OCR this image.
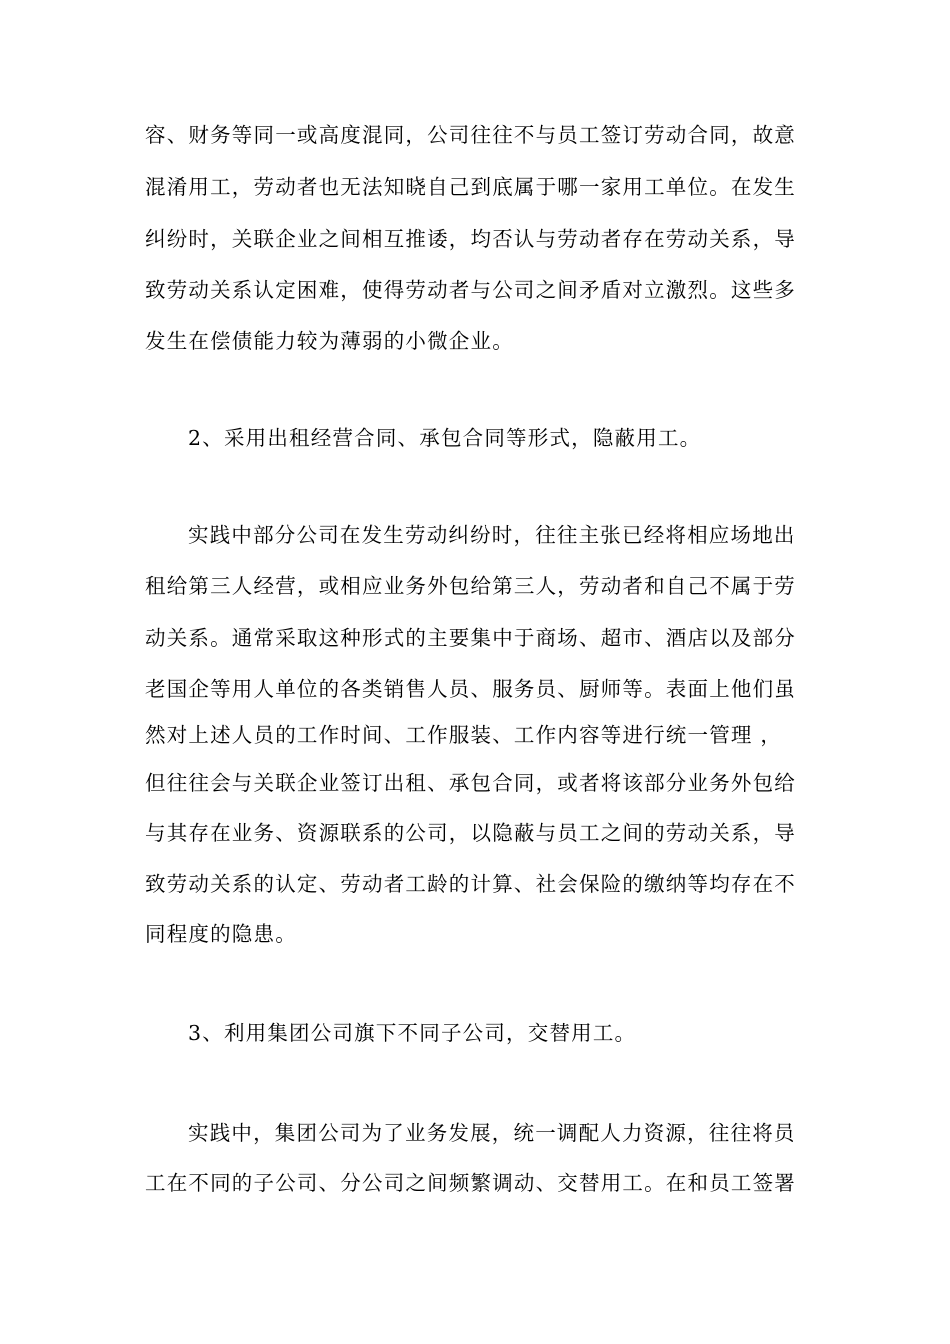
容、财务等同一或高度混同，公司往往不与员工签订劳动合同，故意
混淆用工，劳动者也无法知晓自己到底属于哪一家用工单位。在发生
纠纷时，关联企业之间相互推诿，均否认与劳动者存在劳动关系，导
致劳动关系认定困难，使得劳动者与公司之间矛盾对立激烈。这些多
发生在偿债能力较为薄弱的小微企业。
2、采用出租经营合同、承包合同等形式，隐蔽用工。
实践中部分公司在发生劳动纠纷时，往往主张已经将相应场地出
租给第三人经营，或相应业务外包给第三人，劳动者和自己不属于劳
动关系。通常采取这种形式的主要集中于商场、超市、酒店以及部分
老国企等用人单位的各类销售人员、服务员、厨师等。表面上他们虽
然对上述人员的工作时间、工作服装、工作内容等进行统一管理 ，
但往往会与关联企业签订出租、承包合同，或者将该部分业务外包给
与其存在业务、资源联系的公司，以隐蔽与员工之间的劳动关系，导
致劳动关系的认定、劳动者工龄的计算、社会保险的缴纳等均存在不
同程度的隐患。
3、利用集团公司旗下不同子公司，交替用工。
实践中，集团公司为了业务发展，统一调配人力资源，往往将员
工在不同的子公司、分公司之间频繁调动、交替用工。在和员工签署
